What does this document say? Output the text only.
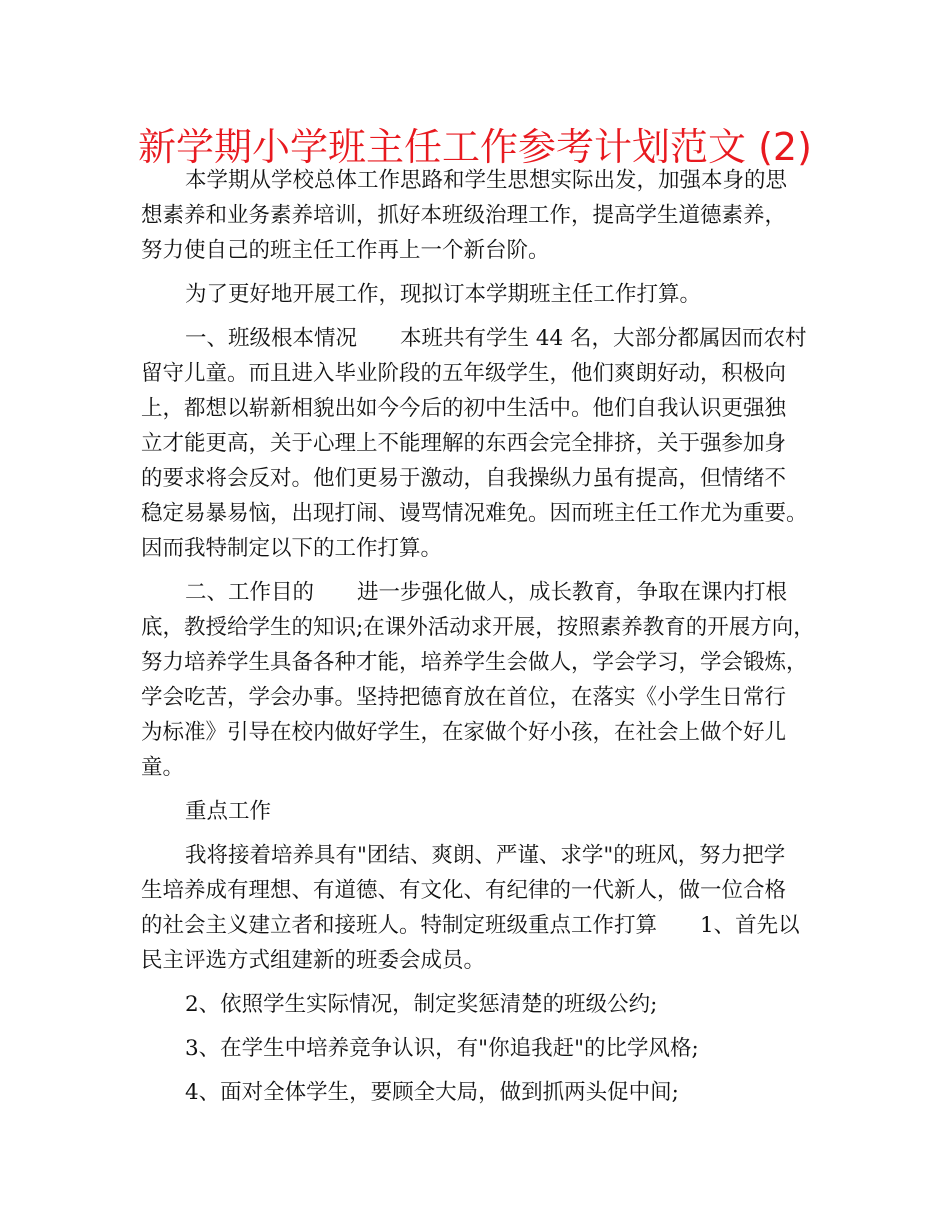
新学期小学班主任工作参考计划范文 (2)
本学期从学校总体工作思路和学生思想实际出发，加强本身的思
想素养和业务素养培训，抓好本班级治理工作，提高学生道德素养，
努力使自己的班主任工作再上一个新台阶。
为了更好地开展工作，现拟订本学期班主任工作打算。
一、班级根本情况　　本班共有学生 44 名，大部分都属因而农村
留守儿童。而且进入毕业阶段的五年级学生，他们爽朗好动，积极向
上，都想以崭新相貌出如今今后的初中生活中。他们自我认识更强独
立才能更高，关于心理上不能理解的东西会完全排挤，关于强参加身
的要求将会反对。他们更易于激动，自我操纵力虽有提高，但情绪不
稳定易暴易恼，出现打闹、谩骂情况难免。因而班主任工作尤为重要。
因而我特制定以下的工作打算。
二、工作目的　　进一步强化做人，成长教育，争取在课内打根
底，教授给学生的知识;在课外活动求开展，按照素养教育的开展方向，
努力培养学生具备各种才能，培养学生会做人，学会学习，学会锻炼，
学会吃苦，学会办事。坚持把德育放在首位，在落实《小学生日常行
为标准》引导在校内做好学生，在家做个好小孩，在社会上做个好儿
童。
重点工作
我将接着培养具有"团结、爽朗、严谨、求学"的班风，努力把学
生培养成有理想、有道德、有文化、有纪律的一代新人，做一位合格
的社会主义建立者和接班人。特制定班级重点工作打算　　1、首先以
民主评选方式组建新的班委会成员。
2、依照学生实际情况，制定奖惩清楚的班级公约;
3、在学生中培养竞争认识，有"你追我赶"的比学风格;
4、面对全体学生，要顾全大局，做到抓两头促中间;
